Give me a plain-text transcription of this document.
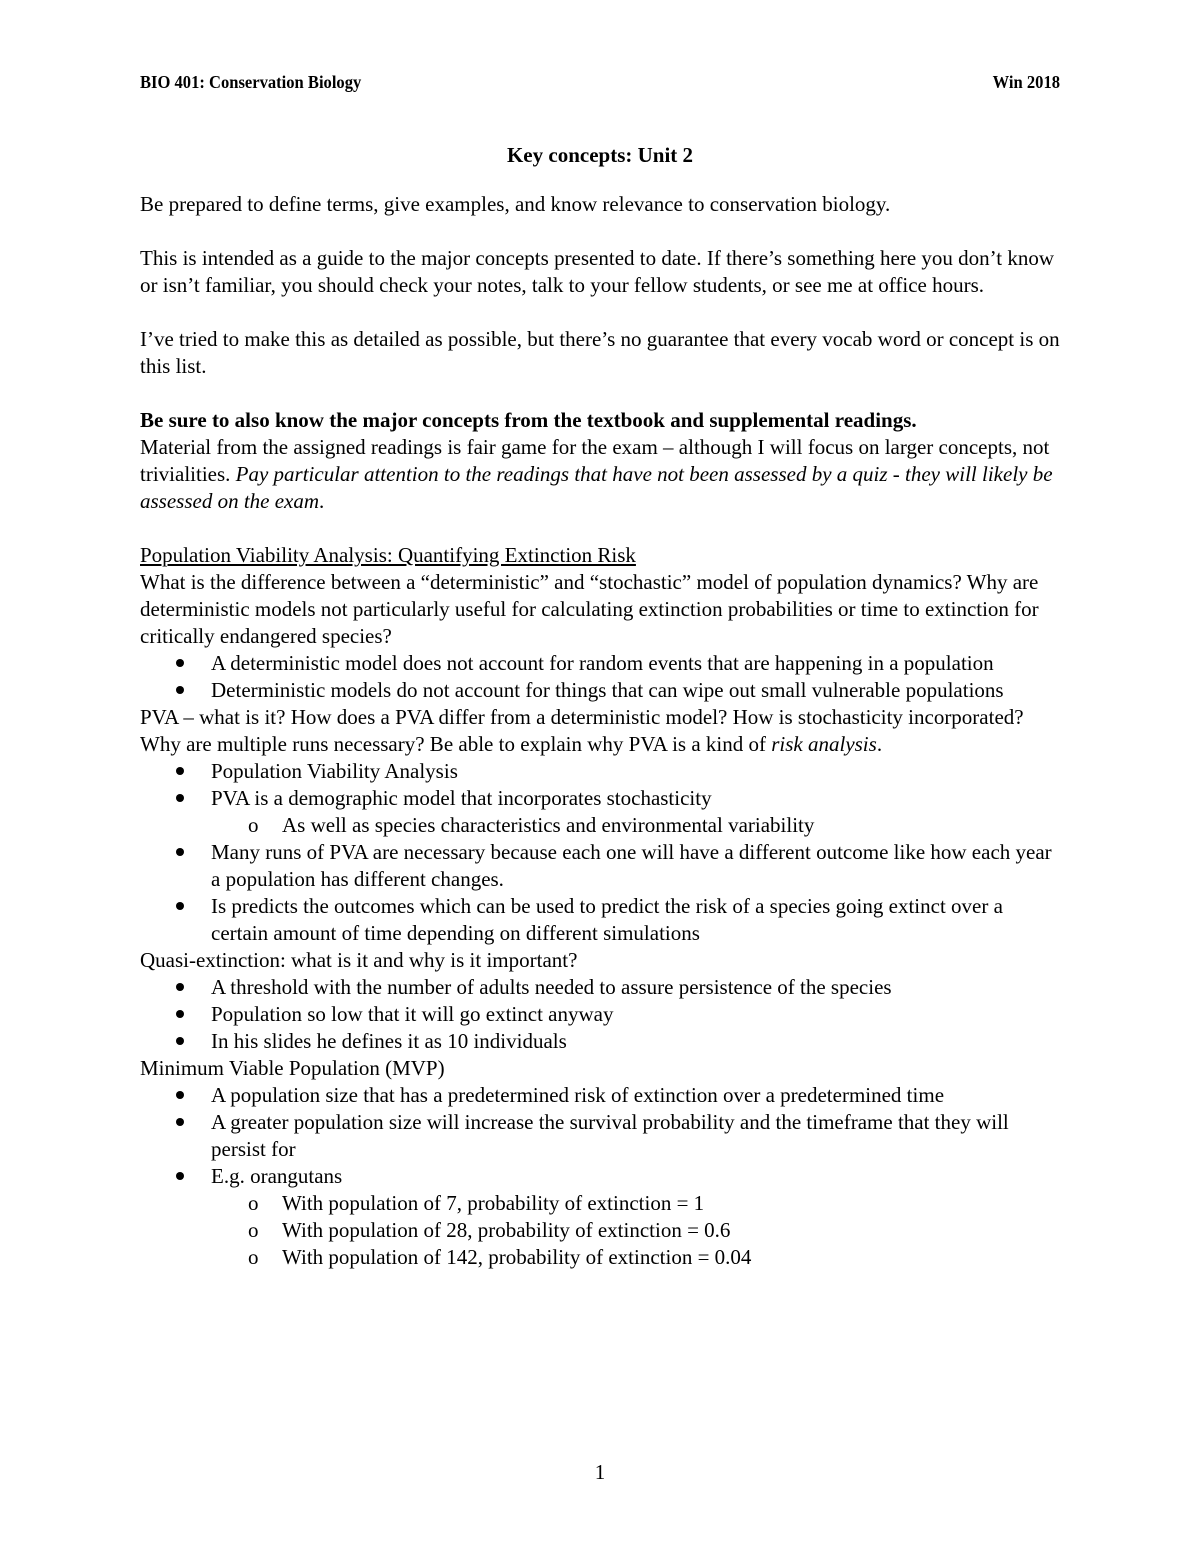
BIO 401: Conservation Biology	Win 2018

Key concepts: Unit 2

Be prepared to define terms, give examples, and know relevance to conservation biology.

This is intended as a guide to the major concepts presented to date. If there’s something here you don’t know or isn’t familiar, you should check your notes, talk to your fellow students, or see me at office hours.

I’ve tried to make this as detailed as possible, but there’s no guarantee that every vocab word or concept is on this list.

Be sure to also know the major concepts from the textbook and supplemental readings.

Material from the assigned readings is fair game for the exam – although I will focus on larger concepts, not trivialities. Pay particular attention to the readings that have not been assessed by a quiz - they will likely be assessed on the exam.

Population Viability Analysis: Quantifying Extinction Risk

What is the difference between a “deterministic” and “stochastic” model of population dynamics? Why are deterministic models not particularly useful for calculating extinction probabilities or time to extinction for critically endangered species?

A deterministic model does not account for random events that are happening in a population
Deterministic models do not account for things that can wipe out small vulnerable populations

PVA – what is it? How does a PVA differ from a deterministic model? How is stochasticity incorporated? Why are multiple runs necessary? Be able to explain why PVA is a kind of risk analysis.

Population Viability Analysis
PVA is a demographic model that incorporates stochasticity
o As well as species characteristics and environmental variability
Many runs of PVA are necessary because each one will have a different outcome like how each year a population has different changes.
Is predicts the outcomes which can be used to predict the risk of a species going extinct over a certain amount of time depending on different simulations

Quasi-extinction: what is it and why is it important?

A threshold with the number of adults needed to assure persistence of the species
Population so low that it will go extinct anyway
In his slides he defines it as 10 individuals

Minimum Viable Population (MVP)

A population size that has a predetermined risk of extinction over a predetermined time
A greater population size will increase the survival probability and the timeframe that they will persist for
E.g. orangutans
o With population of 7, probability of extinction = 1
o With population of 28, probability of extinction = 0.6
o With population of 142, probability of extinction = 0.04
1
